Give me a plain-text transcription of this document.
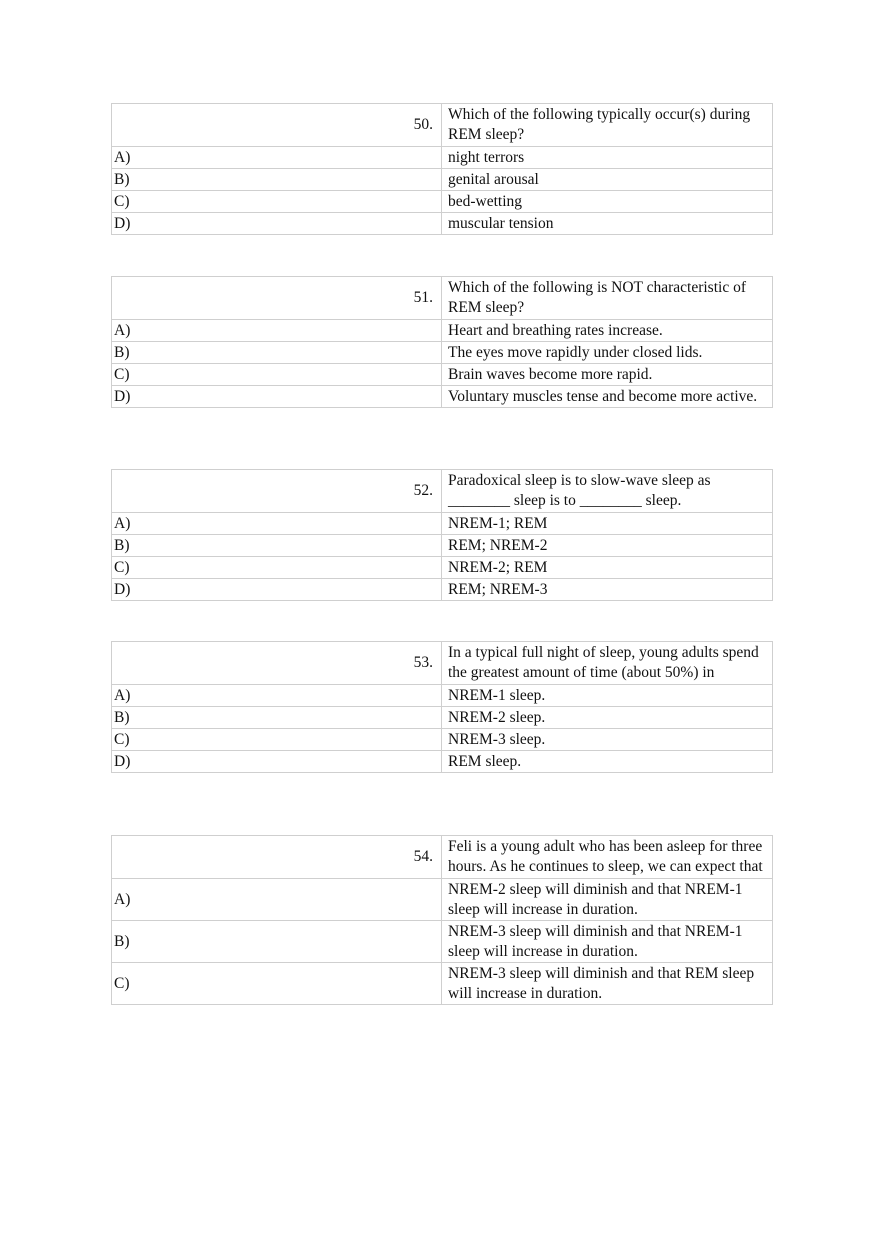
50.	Which of the following typically occur(s) during REM sleep?
A)	night terrors
B)	genital arousal
C)	bed-wetting
D)	muscular tension
51.	Which of the following is NOT characteristic of REM sleep?
A)	Heart and breathing rates increase.
B)	The eyes move rapidly under closed lids.
C)	Brain waves become more rapid.
D)	Voluntary muscles tense and become more active.
52.	Paradoxical sleep is to slow-wave sleep as ________ sleep is to ________ sleep.
A)	NREM-1; REM
B)	REM; NREM-2
C)	NREM-2; REM
D)	REM; NREM-3
53.	In a typical full night of sleep, young adults spend the greatest amount of time (about 50%) in
A)	NREM-1 sleep.
B)	NREM-2 sleep.
C)	NREM-3 sleep.
D)	REM sleep.
54.	Feli is a young adult who has been asleep for three hours. As he continues to sleep, we can expect that
A)	NREM-2 sleep will diminish and that NREM-1 sleep will increase in duration.
B)	NREM-3 sleep will diminish and that NREM-1 sleep will increase in duration.
C)	NREM-3 sleep will diminish and that REM sleep will increase in duration.
